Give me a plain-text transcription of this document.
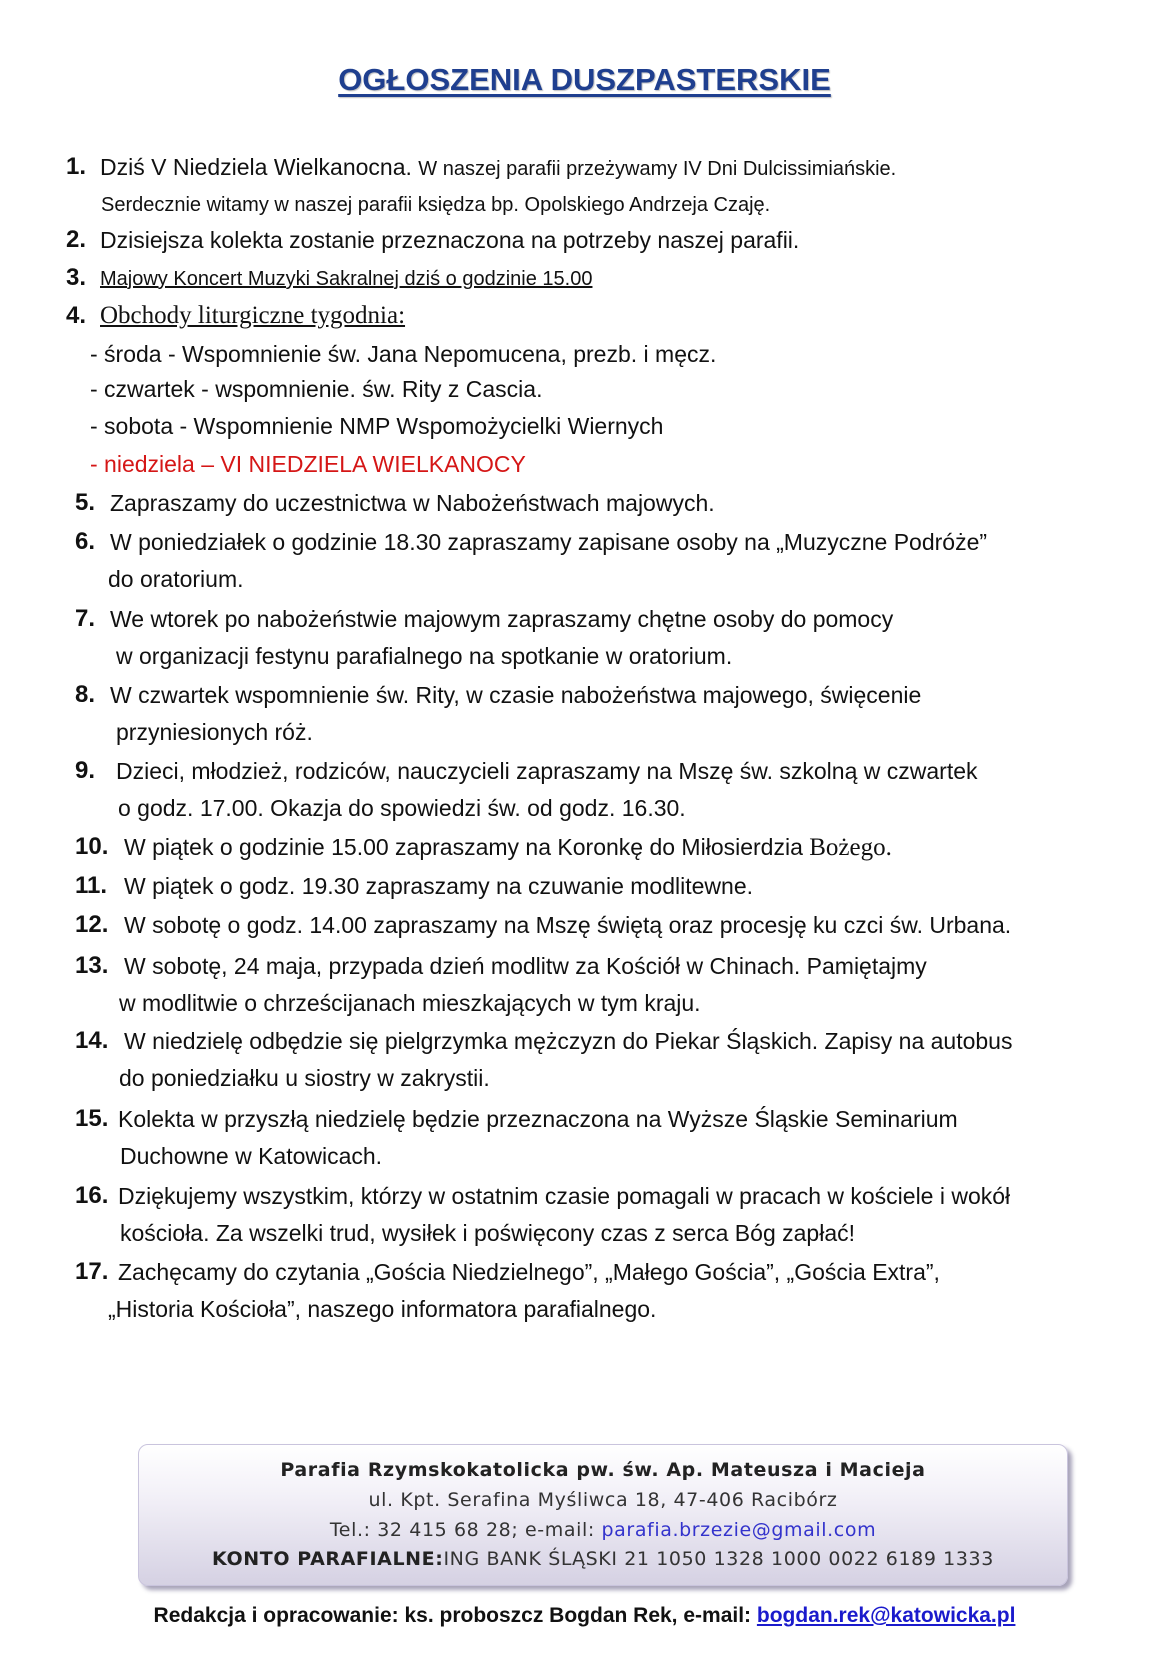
OGŁOSZENIA DUSZPASTERSKIE
1. Dziś V Niedziela Wielkanocna. W naszej parafii przeżywamy IV Dni Dulcissimiańskie.
Serdecznie witamy w naszej parafii księdza bp. Opolskiego Andrzeja Czaję.
2. Dzisiejsza kolekta zostanie przeznaczona na potrzeby naszej parafii.
3. Majowy Koncert Muzyki Sakralnej dziś o godzinie 15.00
4. Obchody liturgiczne tygodnia:
- środa - Wspomnienie św. Jana Nepomucena, prezb. i męcz.
- czwartek - wspomnienie. św. Rity z Cascia.
- sobota - Wspomnienie NMP Wspomożycielki Wiernych
- niedziela – VI NIEDZIELA WIELKANOCY
5. Zapraszamy do uczestnictwa w Nabożeństwach majowych.
6. W poniedziałek o godzinie 18.30 zapraszamy zapisane osoby na „Muzyczne Podróże”
do oratorium.
7. We wtorek po nabożeństwie majowym zapraszamy chętne osoby do pomocy
w organizacji festynu parafialnego na spotkanie w oratorium.
8. W czwartek wspomnienie św. Rity, w czasie nabożeństwa majowego, święcenie
przyniesionych róż.
9. Dzieci, młodzież, rodziców, nauczycieli zapraszamy na Mszę św. szkolną w czwartek
o godz. 17.00. Okazja do spowiedzi św. od godz. 16.30.
10. W piątek o godzinie 15.00 zapraszamy na Koronkę do Miłosierdzia Bożego.
11. W piątek o godz. 19.30 zapraszamy na czuwanie modlitewne.
12. W sobotę o godz. 14.00 zapraszamy na Mszę świętą oraz procesję ku czci św. Urbana.
13. W sobotę, 24 maja, przypada dzień modlitw za Kościół w Chinach. Pamiętajmy
w modlitwie o chrześcijanach mieszkających w tym kraju.
14. W niedzielę odbędzie się pielgrzymka mężczyzn do Piekar Śląskich. Zapisy na autobus
do poniedziałku u siostry w zakrystii.
15. Kolekta w przyszłą niedzielę będzie przeznaczona na Wyższe Śląskie Seminarium
Duchowne w Katowicach.
16. Dziękujemy wszystkim, którzy w ostatnim czasie pomagali w pracach w kościele i wokół
kościoła. Za wszelki trud, wysiłek i poświęcony czas z serca Bóg zapłać!
17. Zachęcamy do czytania „Gościa Niedzielnego”, „Małego Gościa”, „Gościa Extra”,
„Historia Kościoła”, naszego informatora parafialnego.
Parafia Rzymskokatolicka pw. św. Ap. Mateusza i Macieja
ul. Kpt. Serafina Myśliwca 18, 47-406 Racibórz
Tel.: 32 415 68 28; e-mail: parafia.brzezie@gmail.com
KONTO PARAFIALNE:ING BANK ŚLĄSKI 21 1050 1328 1000 0022 6189 1333
Redakcja i opracowanie: ks. proboszcz Bogdan Rek, e-mail: bogdan.rek@katowicka.pl
